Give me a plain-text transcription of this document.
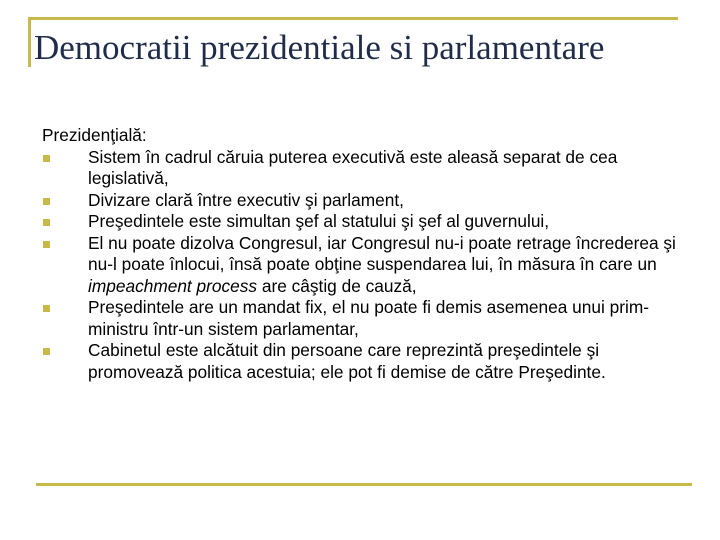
Democratii prezidentiale si parlamentare

Prezidenţială:

Sistem în cadrul căruia puterea executivă este aleasă separat de cea legislativă,
Divizare clară între executiv şi parlament,
Preşedintele este simultan şef al statului şi şef al guvernului,
El nu poate dizolva Congresul, iar Congresul nu-i poate retrage încrederea şi nu-l poate înlocui, însă poate obţine suspendarea lui, în măsura în care un impeachment process are câştig de cauză,
Preşedintele are un mandat fix, el nu poate fi demis asemenea unui prim-ministru într-un sistem parlamentar,
Cabinetul este alcătuit din persoane care reprezintă preşedintele şi promovează politica acestuia; ele pot fi demise de către Preşedinte.
